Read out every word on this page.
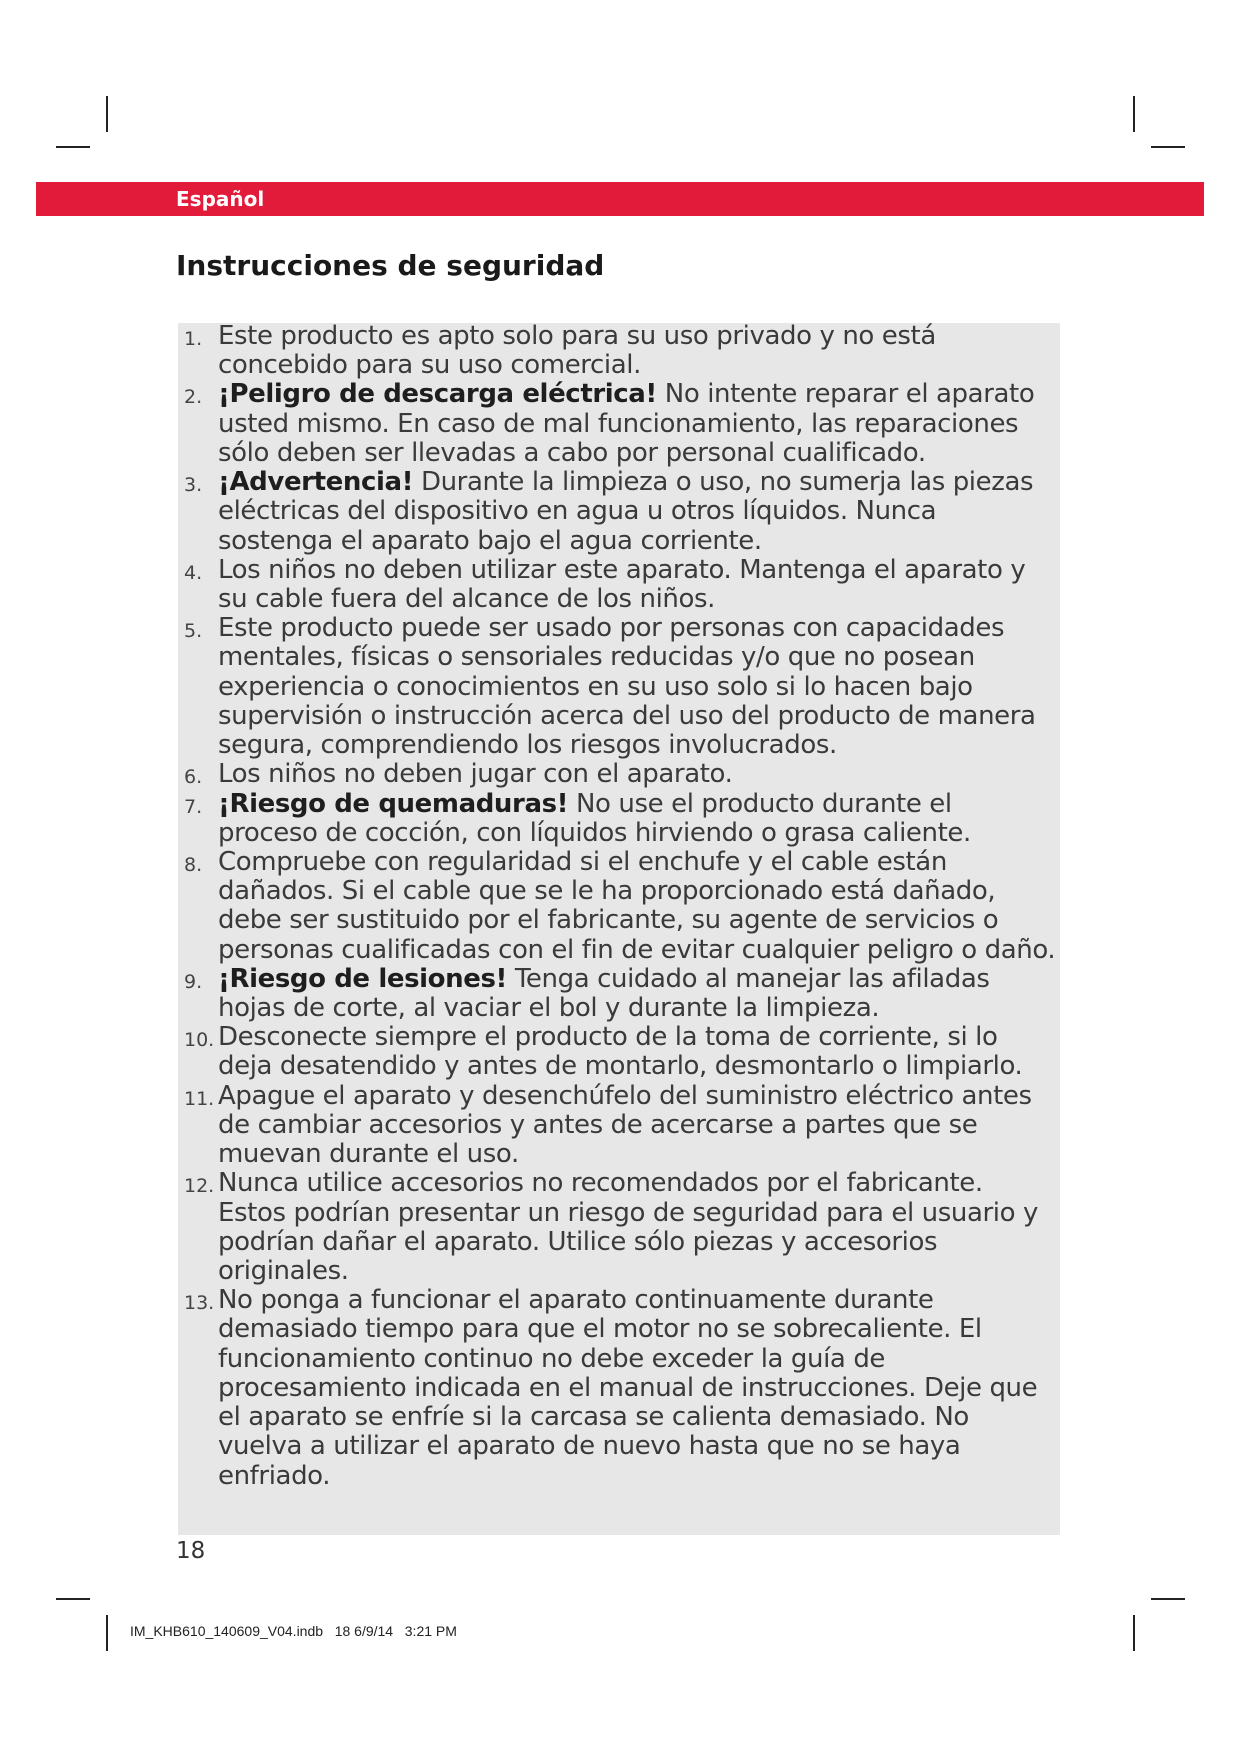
Español
Instrucciones de seguridad
1. Este producto es apto solo para su uso privado y no está concebido para su uso comercial.
2. ¡Peligro de descarga eléctrica! No intente reparar el aparato usted mismo. En caso de mal funcionamiento, las reparaciones sólo deben ser llevadas a cabo por personal cualificado.
3. ¡Advertencia! Durante la limpieza o uso, no sumerja las piezas eléctricas del dispositivo en agua u otros líquidos. Nunca sostenga el aparato bajo el agua corriente.
4. Los niños no deben utilizar este aparato. Mantenga el aparato y su cable fuera del alcance de los niños.
5. Este producto puede ser usado por personas con capacidades mentales, físicas o sensoriales reducidas y/o que no posean experiencia o conocimientos en su uso solo si lo hacen bajo supervisión o instrucción acerca del uso del producto de manera segura, comprendiendo los riesgos involucrados.
6. Los niños no deben jugar con el aparato.
7. ¡Riesgo de quemaduras! No use el producto durante el proceso de cocción, con líquidos hirviendo o grasa caliente.
8. Compruebe con regularidad si el enchufe y el cable están dañados. Si el cable que se le ha proporcionado está dañado, debe ser sustituido por el fabricante, su agente de servicios o personas cualificadas con el fin de evitar cualquier peligro o daño.
9. ¡Riesgo de lesiones! Tenga cuidado al manejar las afiladas hojas de corte, al vaciar el bol y durante la limpieza.
10. Desconecte siempre el producto de la toma de corriente, si lo deja desatendido y antes de montarlo, desmontarlo o limpiarlo.
11. Apague el aparato y desenchúfelo del suministro eléctrico antes de cambiar accesorios y antes de acercarse a partes que se muevan durante el uso.
12. Nunca utilice accesorios no recomendados por el fabricante. Estos podrían presentar un riesgo de seguridad para el usuario y podrían dañar el aparato. Utilice sólo piezas y accesorios originales.
13. No ponga a funcionar el aparato continuamente durante demasiado tiempo para que el motor no se sobrecaliente. El funcionamiento continuo no debe exceder la guía de procesamiento indicada en el manual de instrucciones. Deje que el aparato se enfríe si la carcasa se calienta demasiado. No vuelva a utilizar el aparato de nuevo hasta que no se haya enfriado.
18
IM_KHB610_140609_V04.indb   18 6/9/14   3:21 PM
